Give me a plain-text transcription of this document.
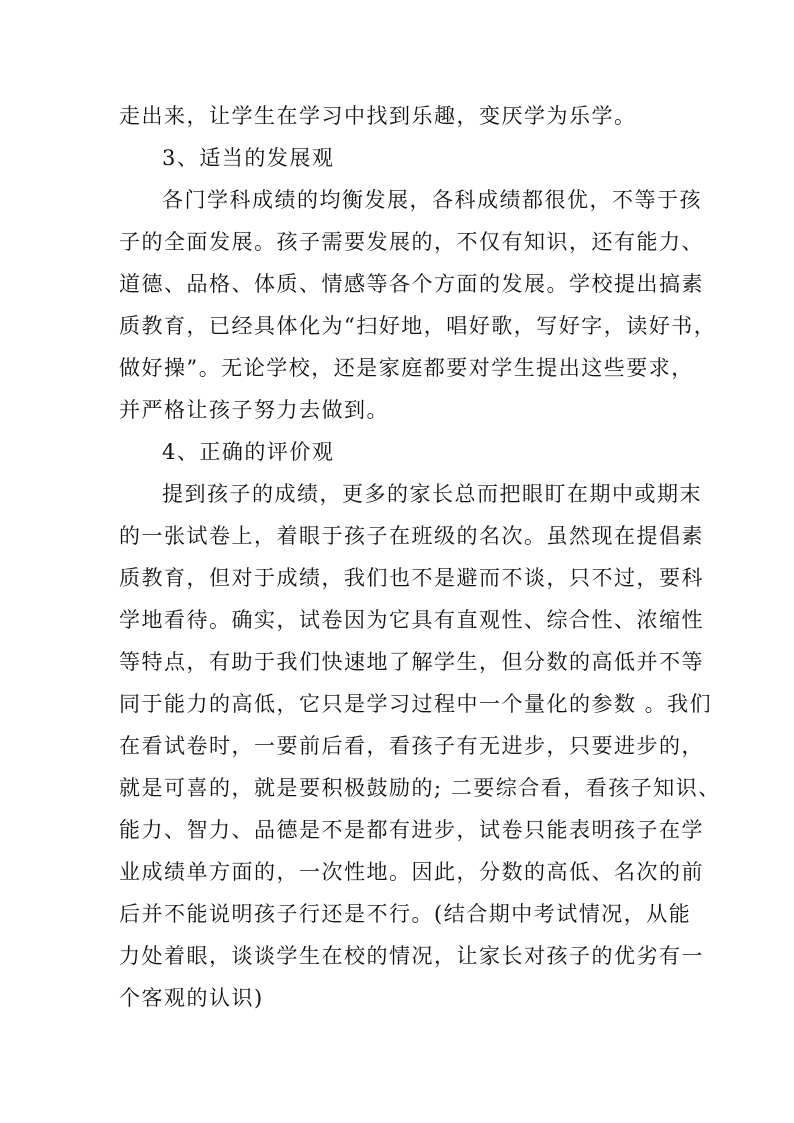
走出来，让学生在学习中找到乐趣，变厌学为乐学。
3、适当的发展观
各门学科成绩的均衡发展，各科成绩都很优，不等于孩
子的全面发展。孩子需要发展的，不仅有知识，还有能力、
道德、品格、体质、情感等各个方面的发展。学校提出搞素
质教育，已经具体化为“扫好地，唱好歌，写好字，读好书，
做好操”。无论学校，还是家庭都要对学生提出这些要求，
并严格让孩子努力去做到。
4、正确的评价观
提到孩子的成绩，更多的家长总而把眼盯在期中或期末
的一张试卷上，着眼于孩子在班级的名次。虽然现在提倡素
质教育，但对于成绩，我们也不是避而不谈，只不过，要科
学地看待。确实，试卷因为它具有直观性、综合性、浓缩性
等特点，有助于我们快速地了解学生，但分数的高低并不等
同于能力的高低，它只是学习过程中一个量化的参数 。我们
在看试卷时，一要前后看，看孩子有无进步，只要进步的，
就是可喜的，就是要积极鼓励的; 二要综合看，看孩子知识、
能力、智力、品德是不是都有进步，试卷只能表明孩子在学
业成绩单方面的，一次性地。因此，分数的高低、名次的前
后并不能说明孩子行还是不行。(结合期中考试情况，从能
力处着眼，谈谈学生在校的情况，让家长对孩子的优劣有一
个客观的认识)
